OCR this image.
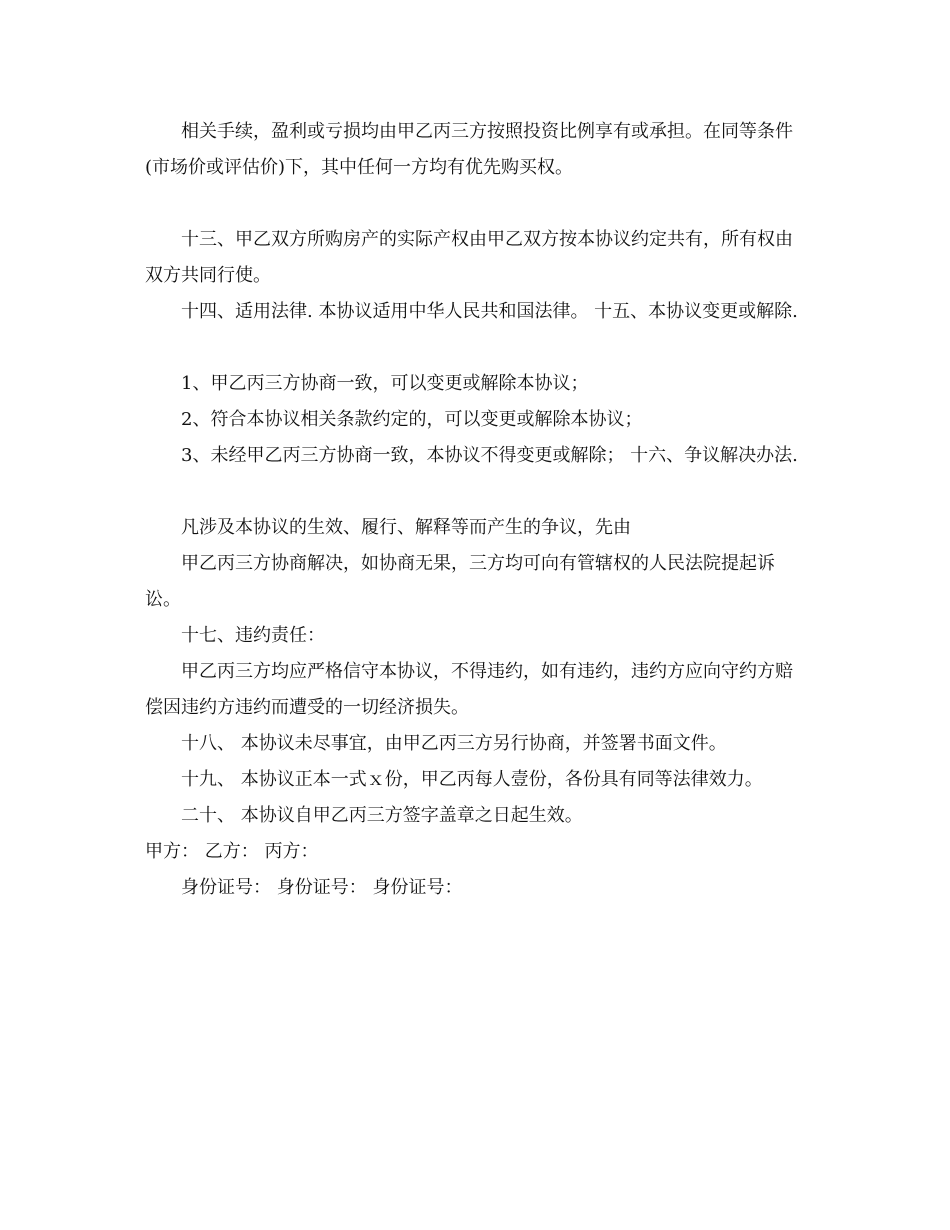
相关手续，盈利或亏损均由甲乙丙三方按照投资比例享有或承担。在同等条件(市场价或评估价)下，其中任何一方均有优先购买权。

十三、甲乙双方所购房产的实际产权由甲乙双方按本协议约定共有，所有权由双方共同行使。

十四、适用法律. 本协议适用中华人民共和国法律。 十五、本协议变更或解除.

1、甲乙丙三方协商一致，可以变更或解除本协议；

2、符合本协议相关条款约定的，可以变更或解除本协议；

3、未经甲乙丙三方协商一致，本协议不得变更或解除； 十六、争议解决办法.

凡涉及本协议的生效、履行、解释等而产生的争议，先由

甲乙丙三方协商解决，如协商无果，三方均可向有管辖权的人民法院提起诉讼。

十七、违约责任：

甲乙丙三方均应严格信守本协议，不得违约，如有违约，违约方应向守约方赔偿因违约方违约而遭受的一切经济损失。

十八、 本协议未尽事宜，由甲乙丙三方另行协商，并签署书面文件。

十九、 本协议正本一式ｘ份，甲乙丙每人壹份，各份具有同等法律效力。

二十、 本协议自甲乙丙三方签字盖章之日起生效。

甲方： 乙方： 丙方：

身份证号： 身份证号： 身份证号：
